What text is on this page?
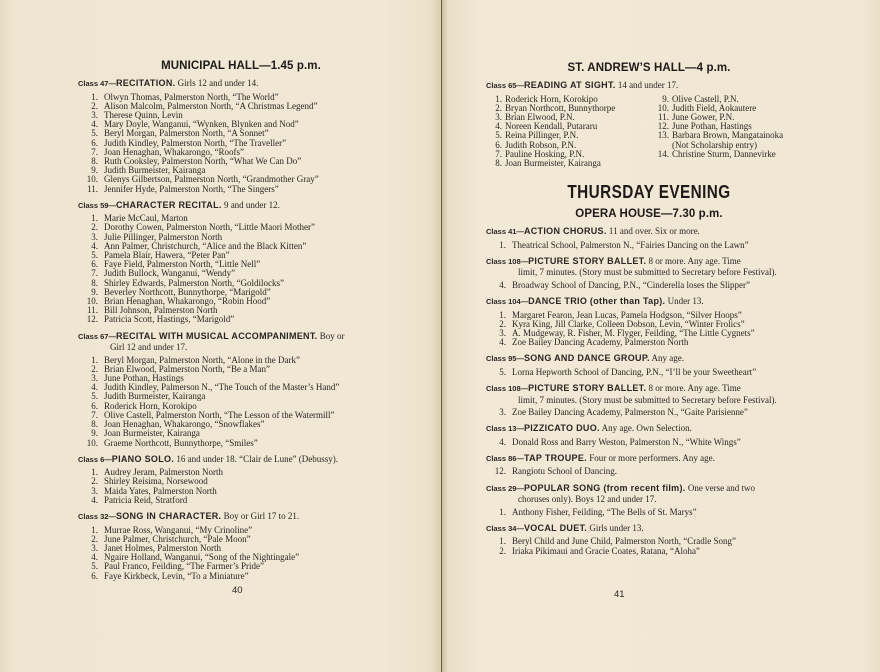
MUNICIPAL HALL—1.45 p.m.
Class 47—RECITATION. Girls 12 and under 14.
1. Olwyn Thomas, Palmerston North, “The World”
2. Alison Malcolm, Palmerston North, “A Christmas Legend”
3. Therese Quinn, Levin
4. Mary Doyle, Wanganui, “Wynken, Blynken and Nod”
5. Beryl Morgan, Palmerston North, “A Sonnet”
6. Judith Kindley, Palmerston North, “The Traveller”
7. Joan Henaghan, Whakarongo, “Roofs”
8. Ruth Cooksley, Palmerston North, “What We Can Do”
9. Judith Burmeister, Kairanga
10. Glenys Gilbertson, Palmerston North, “Grandmother Gray”
11. Jennifer Hyde, Palmerston North, “The Singers”
Class 59—CHARACTER RECITAL. 9 and under 12.
1. Marie McCaul, Marton
2. Dorothy Cowen, Palmerston North, “Little Maori Mother”
3. Julie Pillinger, Palmerston North
4. Ann Palmer, Christchurch, “Alice and the Black Kitten”
5. Pamela Blair, Hawera, “Peter Pan”
6. Faye Field, Palmerston North, “Little Nell”
7. Judith Bullock, Wanganui, “Wendy”
8. Shirley Edwards, Palmerston North, “Goldilocks”
9. Beverley Northcott, Bunnythorpe, “Marigold”
10. Brian Henaghan, Whakarongo, “Robin Hood”
11. Bill Johnson, Palmerston North
12. Patricia Scott, Hastings, “Marigold”
Class 67—RECITAL WITH MUSICAL ACCOMPANIMENT. Boy or
Girl 12 and under 17.
1. Beryl Morgan, Palmerston North, “Alone in the Dark”
2. Brian Elwood, Palmerston North, “Be a Man”
3. June Pothan, Hastings
4. Judith Kindley, Palmerson N., “The Touch of the Master’s Hand”
5. Judith Burmeister, Kairanga
6. Roderick Horn, Korokipo
7. Olive Castell, Palmerston North, “The Lesson of the Watermill”
8. Joan Henaghan, Whakarongo, “Snowflakes”
9. Joan Burmeister, Kairanga
10. Graeme Northcott, Bunnythorpe, “Smiles”
Class 6—PIANO SOLO. 16 and under 18. “Clair de Lune” (Debussy).
1. Audrey Jeram, Palmerston North
2. Shirley Reisima, Norsewood
3. Maida Yates, Palmerston North
4. Patricia Reid, Stratford
Class 32—SONG IN CHARACTER. Boy or Girl 17 to 21.
1. Murrae Ross, Wanganui, “My Crinoline”
2. June Palmer, Christchurch, “Pale Moon”
3. Janet Holmes, Palmerston North
4. Ngaire Holland, Wanganui, “Song of the Nightingale”
5. Paul Franco, Feilding, “The Farmer’s Pride”
6. Faye Kirkbeck, Levin, “To a Miniature”
40
ST. ANDREW’S HALL—4 p.m.
Class 65—READING AT SIGHT. 14 and under 17.
1. Roderick Horn, Korokipo
2. Bryan Northcott, Bunnythorpe
3. Brian Elwood, P.N.
4. Noreen Kendall, Putararu
5. Reina Pillinger, P.N.
6. Judith Robson, P.N.
7. Pauline Hosking, P.N.
8. Joan Burmeister, Kairanga
9. Olive Castell, P.N.
10. Judith Field, Aokautere
11. June Gower, P.N.
12. June Pothan, Hastings
13. Barbara Brown, Mangatainoka
(Not Scholarship entry)
14. Christine Sturm, Dannevirke
THURSDAY EVENING
OPERA HOUSE—7.30 p.m.
Class 41—ACTION CHORUS. 11 and over. Six or more.
1. Theatrical School, Palmerston N., “Fairies Dancing on the Lawn”
Class 108—PICTURE STORY BALLET. 8 or more. Any age. Time
limit, 7 minutes. (Story must be submitted to Secretary before Festival).
4. Broadway School of Dancing, P.N., “Cinderella loses the Slipper”
Class 104—DANCE TRIO (other than Tap). Under 13.
1. Margaret Fearon, Jean Lucas, Pamela Hodgson, “Silver Hoops”
2. Kyra King, Jill Clarke, Colleen Dobson, Levin, “Winter Frolics”
3. A. Mudgeway, R. Fisher, M. Flyger, Feilding, “The Little Cygnets”
4. Zoe Bailey Dancing Academy, Palmerston North
Class 95—SONG AND DANCE GROUP. Any age.
5. Lorna Hepworth School of Dancing, P.N., “I’ll be your Sweetheart”
Class 108—PICTURE STORY BALLET. 8 or more. Any age. Time
limit, 7 minutes. (Story must be submitted to Secretary before Festival).
3. Zoe Bailey Dancing Academy, Palmerston N., “Gaite Parisienne”
Class 13—PIZZICATO DUO. Any age. Own Selection.
4. Donald Ross and Barry Weston, Palmerston N., “White Wings”
Class 86—TAP TROUPE. Four or more performers. Any age.
12. Rangiotu School of Dancing.
Class 29—POPULAR SONG (from recent film). One verse and two
choruses only). Boys 12 and under 17.
1. Anthony Fisher, Feilding, “The Bells of St. Marys”
Class 34—VOCAL DUET. Girls under 13.
1. Beryl Child and June Child, Palmerston North, “Cradle Song”
2. Iriaka Pikimaui and Gracie Coates, Ratana, “Aloha”
41
